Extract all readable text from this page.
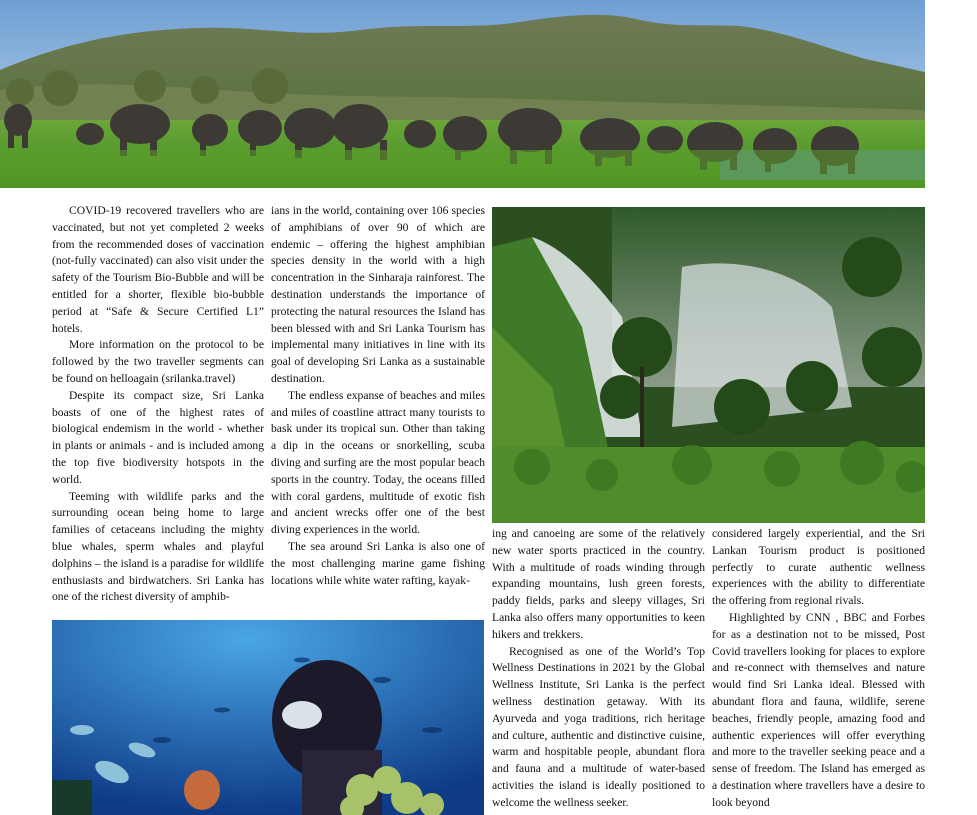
COVID-19 recovered travellers who are vaccinated, but not yet completed 2 weeks from the recommended doses of vaccination (not-fully vaccinated) can also visit under the safety of the Tourism Bio-Bubble and will be entitled for a shorter, flexible bio-bubble period at “Safe & Secure Certified L1” hotels.

More information on the protocol to be followed by the two traveller segments can be found on helloagain (srilanka.travel)

Despite its compact size, Sri Lanka boasts of one of the highest rates of biological endemism in the world - whether in plants or animals - and is included among the top five biodiversity hotspots in the world.

Teeming with wildlife parks and the surrounding ocean being home to large families of cetaceans including the mighty blue whales, sperm whales and playful dolphins – the island is a paradise for wildlife enthusiasts and birdwatchers. Sri Lanka has one of the richest diversity of amphib-

ians in the world, containing over 106 species of amphibians of over 90 of which are endemic – offering the highest amphibian species density in the world with a high concentration in the Sinharaja rainforest. The destination understands the importance of protecting the natural resources the Island has been blessed with and Sri Lanka Tourism has implemental many initiatives in line with its goal of developing Sri Lanka as a sustainable destination.

The endless expanse of beaches and miles and miles of coastline attract many tourists to bask under its tropical sun. Other than taking a dip in the oceans or snorkelling, scuba diving and surfing are the most popular beach sports in the country. Today, the oceans filled with coral gardens, multitude of exotic fish and ancient wrecks offer one of the best diving experiences in the world.

The sea around Sri Lanka is also one of the most challenging marine game fishing locations while white water rafting, kayak-

ing and canoeing are some of the relatively new water sports practiced in the country. With a multitude of roads winding through expanding mountains, lush green forests, paddy fields, parks and sleepy villages, Sri Lanka also offers many opportunities to keen hikers and trekkers.

Recognised as one of the World’s Top Wellness Destinations in 2021 by the Global Wellness Institute, Sri Lanka is the perfect wellness destination getaway. With its Ayurveda and yoga traditions, rich heritage and culture, authentic and distinctive cuisine, warm and hospitable people, abundant flora and fauna and a multitude of water-based activities the island is ideally positioned to welcome the wellness seeker.

considered largely experiential, and the Sri Lankan Tourism product is positioned perfectly to curate authentic wellness experiences with the ability to differentiate the offering from regional rivals.

Highlighted by CNN , BBC and Forbes for as a destination not to be missed, Post Covid travellers looking for places to explore and re-connect with themselves and nature would find Sri Lanka ideal. Blessed with abundant flora and fauna, wildlife, serene beaches, friendly people, amazing food and authentic experiences will offer everything and more to the traveller seeking peace and a sense of freedom. The Island has emerged as a destination where travellers have a desire to look beyond
